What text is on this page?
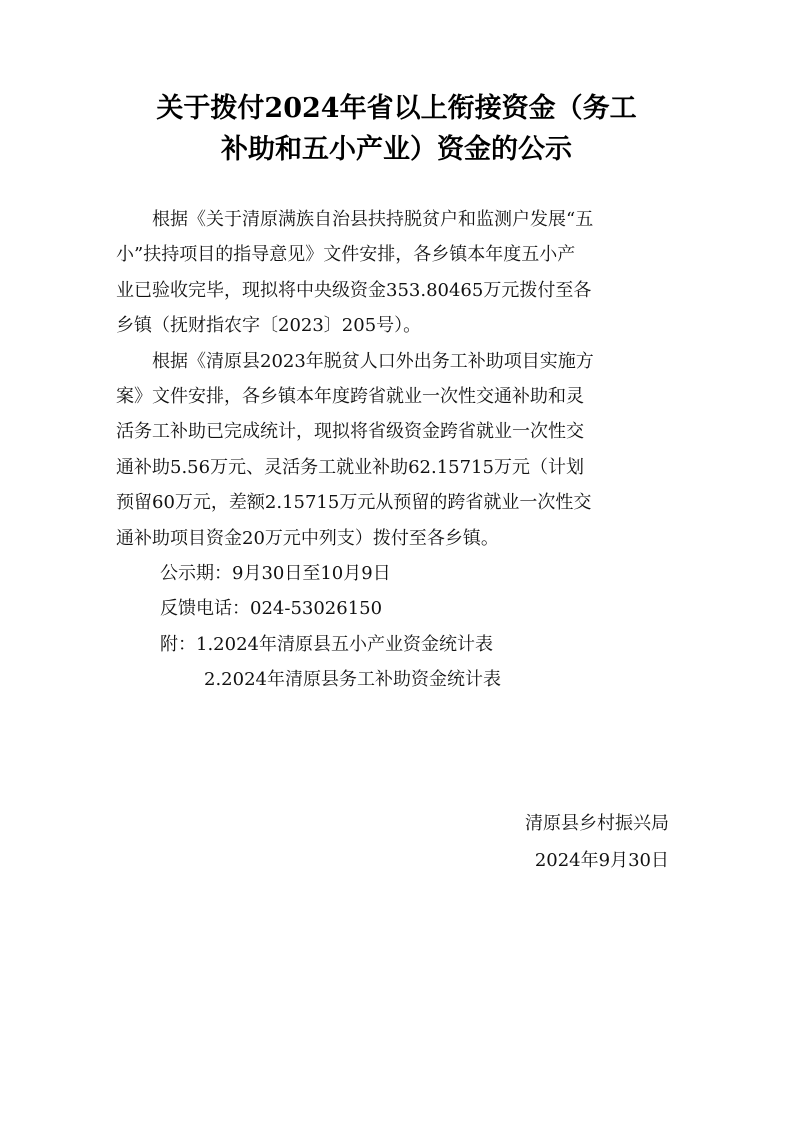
关于拨付2024年省以上衔接资金（务工
补助和五小产业）资金的公示
根据《关于清原满族自治县扶持脱贫户和监测户发展“五
小”扶持项目的指导意见》文件安排，各乡镇本年度五小产
业已验收完毕，现拟将中央级资金353.80465万元拨付至各
乡镇（抚财指农字〔2023〕205号）。
根据《清原县2023年脱贫人口外出务工补助项目实施方
案》文件安排，各乡镇本年度跨省就业一次性交通补助和灵
活务工补助已完成统计，现拟将省级资金跨省就业一次性交
通补助5.56万元、灵活务工就业补助62.15715万元（计划
预留60万元，差额2.15715万元从预留的跨省就业一次性交
通补助项目资金20万元中列支）拨付至各乡镇。

公示期：9月30日至10月9日

反馈电话：024-53026150

附：1.2024年清原县五小产业资金统计表

2.2024年清原县务工补助资金统计表

清原县乡村振兴局
2024年9月30日
